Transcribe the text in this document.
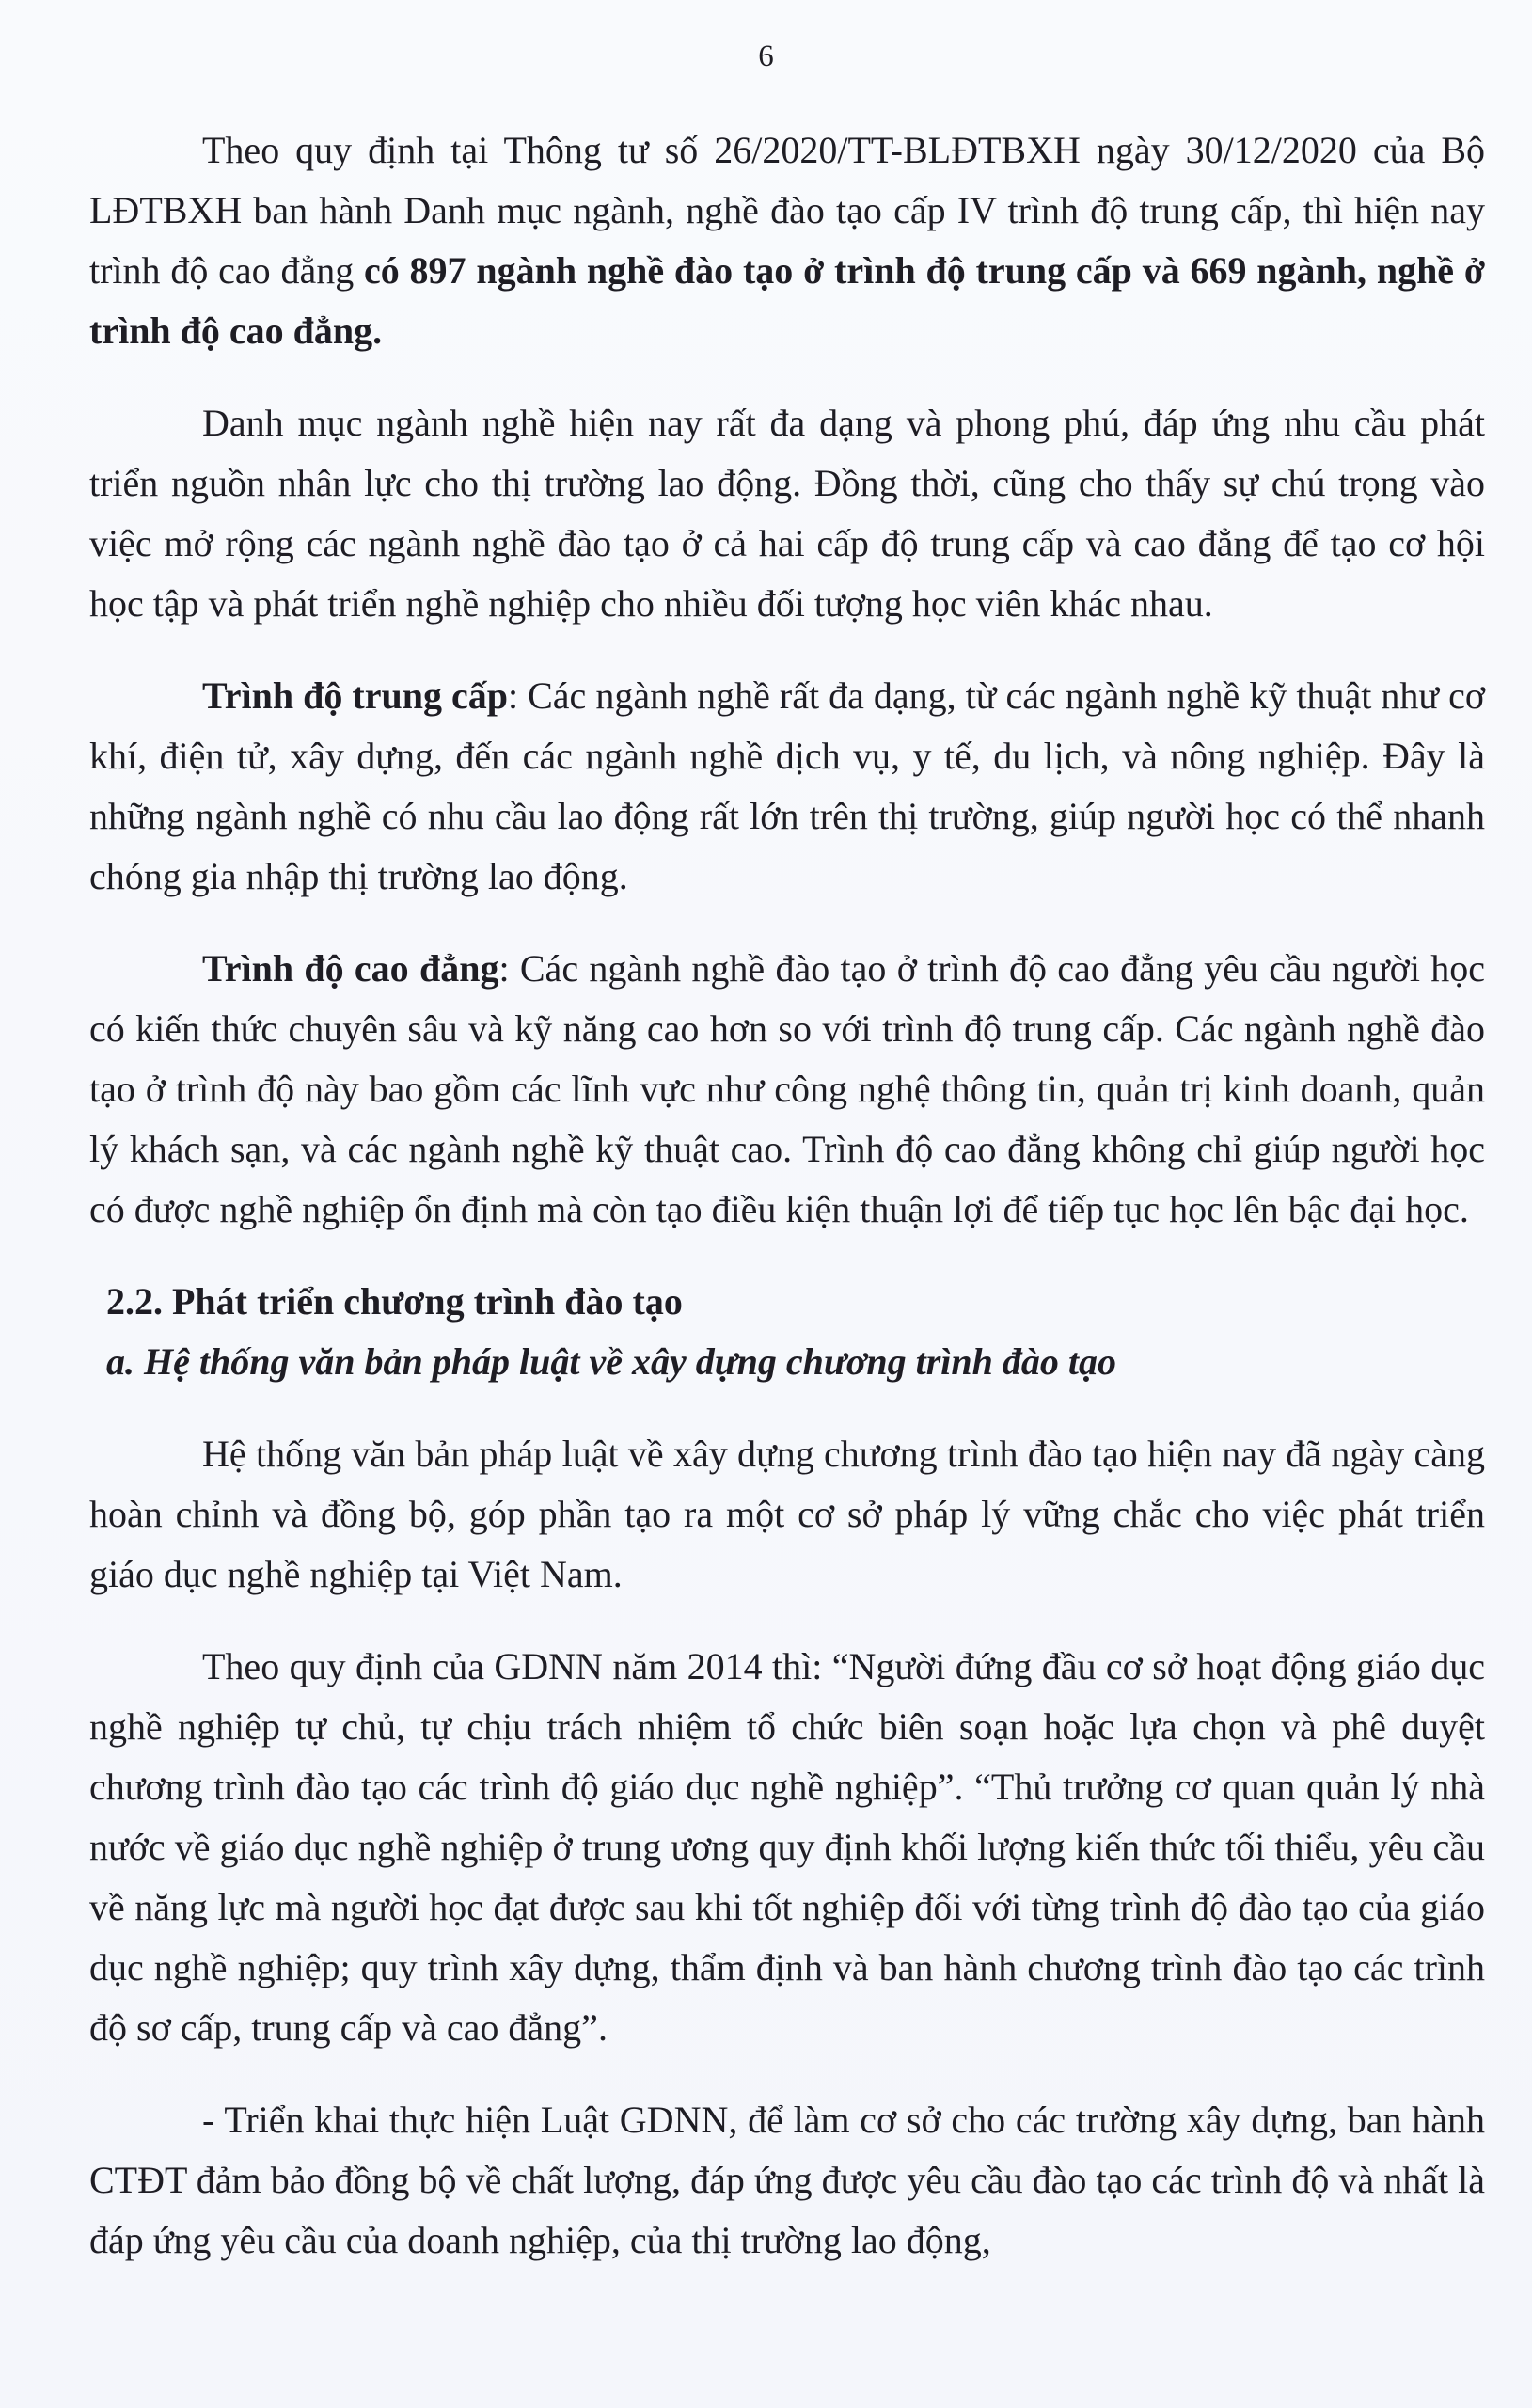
6

Theo quy định tại Thông tư số 26/2020/TT-BLĐTBXH ngày 30/12/2020 của Bộ LĐTBXH ban hành Danh mục ngành, nghề đào tạo cấp IV trình độ trung cấp, thì hiện nay trình độ cao đẳng có 897 ngành nghề đào tạo ở trình độ trung cấp và 669 ngành, nghề ở trình độ cao đẳng.

Danh mục ngành nghề hiện nay rất đa dạng và phong phú, đáp ứng nhu cầu phát triển nguồn nhân lực cho thị trường lao động. Đồng thời, cũng cho thấy sự chú trọng vào việc mở rộng các ngành nghề đào tạo ở cả hai cấp độ trung cấp và cao đẳng để tạo cơ hội học tập và phát triển nghề nghiệp cho nhiều đối tượng học viên khác nhau.

Trình độ trung cấp: Các ngành nghề rất đa dạng, từ các ngành nghề kỹ thuật như cơ khí, điện tử, xây dựng, đến các ngành nghề dịch vụ, y tế, du lịch, và nông nghiệp. Đây là những ngành nghề có nhu cầu lao động rất lớn trên thị trường, giúp người học có thể nhanh chóng gia nhập thị trường lao động.

Trình độ cao đẳng: Các ngành nghề đào tạo ở trình độ cao đẳng yêu cầu người học có kiến thức chuyên sâu và kỹ năng cao hơn so với trình độ trung cấp. Các ngành nghề đào tạo ở trình độ này bao gồm các lĩnh vực như công nghệ thông tin, quản trị kinh doanh, quản lý khách sạn, và các ngành nghề kỹ thuật cao. Trình độ cao đẳng không chỉ giúp người học có được nghề nghiệp ổn định mà còn tạo điều kiện thuận lợi để tiếp tục học lên bậc đại học.

2.2. Phát triển chương trình đào tạo

a. Hệ thống văn bản pháp luật về xây dựng chương trình đào tạo

Hệ thống văn bản pháp luật về xây dựng chương trình đào tạo hiện nay đã ngày càng hoàn chỉnh và đồng bộ, góp phần tạo ra một cơ sở pháp lý vững chắc cho việc phát triển giáo dục nghề nghiệp tại Việt Nam.

Theo quy định của GDNN năm 2014 thì: “Người đứng đầu cơ sở hoạt động giáo dục nghề nghiệp tự chủ, tự chịu trách nhiệm tổ chức biên soạn hoặc lựa chọn và phê duyệt chương trình đào tạo các trình độ giáo dục nghề nghiệp”. “Thủ trưởng cơ quan quản lý nhà nước về giáo dục nghề nghiệp ở trung ương quy định khối lượng kiến thức tối thiểu, yêu cầu về năng lực mà người học đạt được sau khi tốt nghiệp đối với từng trình độ đào tạo của giáo dục nghề nghiệp; quy trình xây dựng, thẩm định và ban hành chương trình đào tạo các trình độ sơ cấp, trung cấp và cao đẳng”.

- Triển khai thực hiện Luật GDNN, để làm cơ sở cho các trường xây dựng, ban hành CTĐT đảm bảo đồng bộ về chất lượng, đáp ứng được yêu cầu đào tạo các trình độ và nhất là đáp ứng yêu cầu của doanh nghiệp, của thị trường lao động,
